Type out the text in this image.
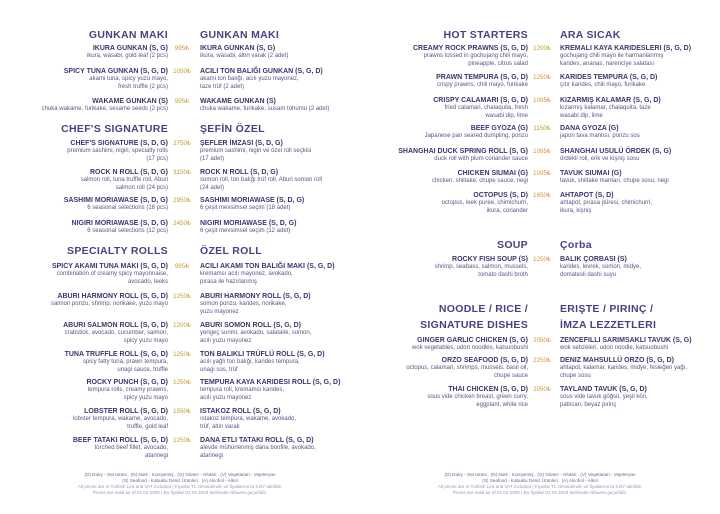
GUNKAN MAKI
IKURA GUNKAN (S, G)
ikura, wasabi, gold leaf (2 pcs)
SPICY TUNA GUNKAN (S, G, D)
akami tuna, spicy yuzu mayo,
fresh truffle (2 pcs)
WAKAME GUNKAN (S)
chuka wakame, furikake, sesame seeds (2 pcs)
CHEF'S SIGNATURE
CHEF'S SIGNATURE (S, D, G)
premium sashimi, nigiri, specialty rolls
(17 pcs)
ROCK N ROLL (S, D, G)
salmon roll, tuna truffle roll, Aburi
salmon roll (24 pcs)
SASHIMI MORIAWASE (S, D, G)
6 seasonal selections (18 pcs)
NIGIRI MORIAWASE (S, D, G)
6 seasonal selections (12 pcs)
SPECIALTY ROLLS
SPICY AKAMI TUNA MAKI (S, G, D)
combination of creamy spicy mayonnaise,
avocado, leeks
ABURI HARMONY ROLL (S, G, D)
salmon ponzu, shrimp, norikake, yuzu mayo
ABURI SALMON ROLL (S, G, D)
crabstick, avocado, cucumber, salmon,
spicy yuzu mayo
TUNA TRUFFLE ROLL (S, G, D)
spicy fatty tuna, prawn tempura,
unagi sauce, truffle
ROCKY PUNCH (S, G, D)
tempura rolls, creamy prawns,
spicy yuzu mayo
LOBSTER ROLL (S, G, D)
lobster tempura, wakame, avocado,
truffle, gold leaf
BEEF TATAKI ROLL (S, G, D)
torched beef fillet, avocado,
atarinegi
995₺
1050₺
995₺
2750₺
3150₺
2950₺
2450₺
995₺
1250₺
1200₺
1250₺
1250₺
1550₺
1250₺
GUNKAN MAKI
IKURA GUNKAN (S, G)
ikura, wasabi, altın varak (2 adet)
ACILI TON BALIĞI GUNKAN (S, G, D)
akami ton balığı, acılı yuzu mayonez,
taze trüf (2 adet)
WAKAME GUNKAN (S)
chuka wakame, furikake, susam tohumu (2 adet)
ŞEFİN ÖZEL
ŞEFLER İMZASI (S, D, G)
premium sashimi, nigiri ve özel roll seçkisi
(17 adet)
ROCK N ROLL (S, D, G)
somon roll, ton balığı trüf roll, Aburi somon roll
(24 adet)
SASHIMI MORIAWASE (S, D, G)
6 çeşit mevsimsel seçim (18 adet)
NIGIRI MORIAWASE (S, D, G)
6 çeşit mevsimsel seçim (12 adet)
ÖZEL ROLL
ACILI AKAMI TON BALIĞI MAKI (S, G, D)
kremamsı acılı mayonez, avokado,
pırasa ile hazırlanmış
ABURI HARMONY ROLL (S, G, D)
somon ponzu, karides, norikake,
yuzu mayonez
ABURI SOMON ROLL (S, G, D)
yengeç surimi, avokado, salatalık, somon,
acılı yuzu mayonez
TON BALIKLI TRÜFLÜ ROLL (S, G, D)
acılı yağlı ton balığı, karides tempura,
unagi sos, trüf
TEMPURA KAYA KARIDESI ROLL (S, G, D)
tempura roll, kremamsı karides,
acılı yuzu mayonez
ISTAKOZ ROLL (S, G, D)
ıstakoz tempura, wakame, avokado,
trüf, altın varak
DANA ETLI TATAKI ROLL (S, G, D)
alevde mühürlenmiş dana bonfile, avokado,
atarinegi
(D) Dairy - Süt ürünü . (N) Nuts - Kuruyemiş . (G) Gluten - Gluten . (V) Vegetarian - Vejeteryan
(S) Seafood - Kabuklu Deniz Ürünleri . (A) Alcohol - Alkol
All prices are in Turkish Lira and VAT included | Fiyatlar TL cinsindendir ve fiyatlarımıza KDV dahildir.
Prices are valid as of 01.04.2026 | Bu fiyatlar 01.04.2026 tarihinden itibaren geçerlidir.
HOT STARTERS
CREAMY ROCK PRAWNS (S, G, D)
prawns tossed in gochujang chili mayo,
pineapple, citrus salad
PRAWN TEMPURA (S, G, D)
crispy prawns, chili mayo, furikake
CRISPY CALAMARI (S, G, D)
fried calamari, chalaquita, fresh
wasabi dip, lime
BEEF GYOZA (G)
Japanese pan seared dumpling, ponzu
SHANGHAI DUCK SPRING ROLL (S, G)
duck roll with plum coriander sauce
CHICKEN SIUMAI (G)
chicken, shiitake, chupe sauce, negi
OCTOPUS (S, D)
octopus, leek purée, chimichurri,
ikura, coriander
SOUP
ROCKY FISH SOUP (S)
shrimp, seabass, salmon, mussels,
tomato dashi broth
NOODLE / RICE /
SIGNATURE DISHES
GINGER GARLIC CHICKEN (S, G)
wok vegetables, udon noodles, katsuobushi
ORZO SEAFOOD (S, G, D)
octopus, calamari, shrimps, mussels, basil oil,
chupe sauce
THAI CHICKEN (S, G, D)
sous vide chicken breast, green curry,
eggplant, white rice
1200₺
1250₺
1095₺
1150₺
1095₺
1095₺
1650₺
1250₺
2050₺
2250₺
2050₺
ARA SICAK
KREMALI KAYA KARIDESLERI (S, G, D)
gochujang chili mayo ile harmanlanmış
karides, ananas, narenciye salatası
KARIDES TEMPURA (S, G, D)
çıtır karides, chili mayo, furikake
KIZARMIŞ KALAMAR (S, G, D)
kızarmış kalamar, chalaquita, taze
wasabi dip, lime
DANA GYOZA (G)
japon tava mantısı, ponzu sos
SHANGHAI USULÜ ÖRDEK (S, G)
ördekli roll, erik ve kişniş sosu
TAVUK SIUMAI (G)
tavuk, shiitake mantarı, chupe sosu, negi
AHTAPOT (S, D)
ahtapot, pırasa püresi, chimichurri,
ikura, kişniş
Çorba
BALIK ÇORBASI (S)
karides, levrek, somon, midye,
domatesli dashi suyu
ERIŞTE / PIRINÇ /
İMZA LEZZETLERI
ZENCEFILLI SARIMSAKLI TAVUK (S, G)
wok sebzeleri, udon noodle, katsuobushi
DENIZ MAHSULLÜ ORZO (S, G, D)
ahtapot, kalamar, karides, midye, fesleğen yağı,
chupe sosu
TAYLAND TAVUK (S, G, D)
sous vide tavuk göğsü, yeşil köri,
patlıcan, beyaz pirinç
(D) Dairy - Süt ürünü . (N) Nuts - Kuruyemiş . (G) Gluten - Gluten . (V) Vegetarian - Vejeteryan
(S) Seafood - Kabuklu Deniz Ürünleri . (A) Alcohol - Alkol
All prices are in Turkish Lira and VAT included | Fiyatlar TL cinsindendir ve fiyatlarımıza KDV dahildir.
Prices are valid as of 01.04.2026 | Bu fiyatlar 01.04.2026 tarihinden itibaren geçerlidir.
